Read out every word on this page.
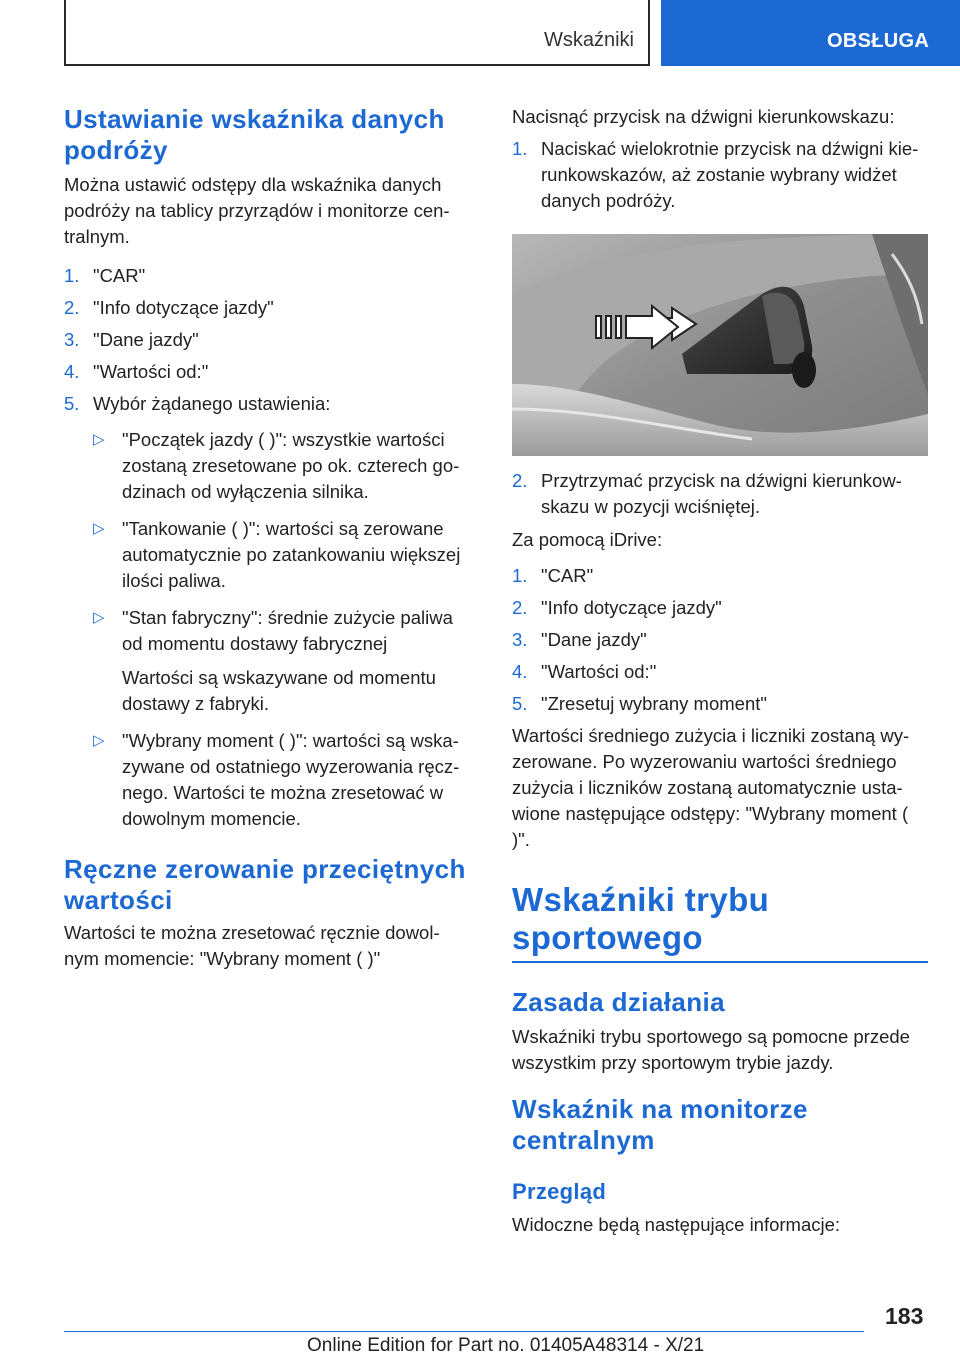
Wskaźniki	OBSŁUGA
Ustawianie wskaźnika danych podróży

Można ustawić odstępy dla wskaźnika danych podróży na tablicy przyrządów i monitorze cen-tralnym.

1. "CAR"
2. "Info dotyczące jazdy"
3. "Dane jazdy"
4. "Wartości od:"
5. Wybór żądanego ustawienia:
▷ "Początek jazdy ( )": wszystkie wartości zostaną zresetowane po ok. czterech go-dzinach od wyłączenia silnika.

▷ "Tankowanie ( )": wartości są zerowane automatycznie po zatankowaniu większej ilości paliwa.

▷ "Stan fabryczny": średnie zużycie paliwa od momentu dostawy fabrycznej

Wartości są wskazywane od momentu dostawy z fabryki.

▷ "Wybrany moment ( )": wartości są wska-zywane od ostatniego wyzerowania ręcz-nego. Wartości te można zresetować w dowolnym momencie.

Ręczne zerowanie przeciętnych wartości

Wartości te można zresetować ręcznie dowol-nym momencie: "Wybrany moment ( )"

Nacisnąć przycisk na dźwigni kierunkowskazu:

1. Naciskać wielokrotnie przycisk na dźwigni kie-runkowskazów, aż zostanie wybrany widżet danych podróży.
2. Przytrzymać przycisk na dźwigni kierunkow-skazu w pozycji wciśniętej.

Za pomocą iDrive:

1. "CAR"
2. "Info dotyczące jazdy"
3. "Dane jazdy"
4. "Wartości od:"
5. "Zresetuj wybrany moment"

Wartości średniego zużycia i liczniki zostaną wy-zerowane. Po wyzerowaniu wartości średniego zużycia i liczników zostaną automatycznie usta-wione następujące odstępy: "Wybrany moment ( )".

Wskaźniki trybu sportowego
Zasada działania

Wskaźniki trybu sportowego są pomocne przede wszystkim przy sportowym trybie jazdy.

Wskaźnik na monitorze centralnym
Przegląd

Widoczne będą następujące informacje:

183
Online Edition for Part no. 01405A48314 - X/21
